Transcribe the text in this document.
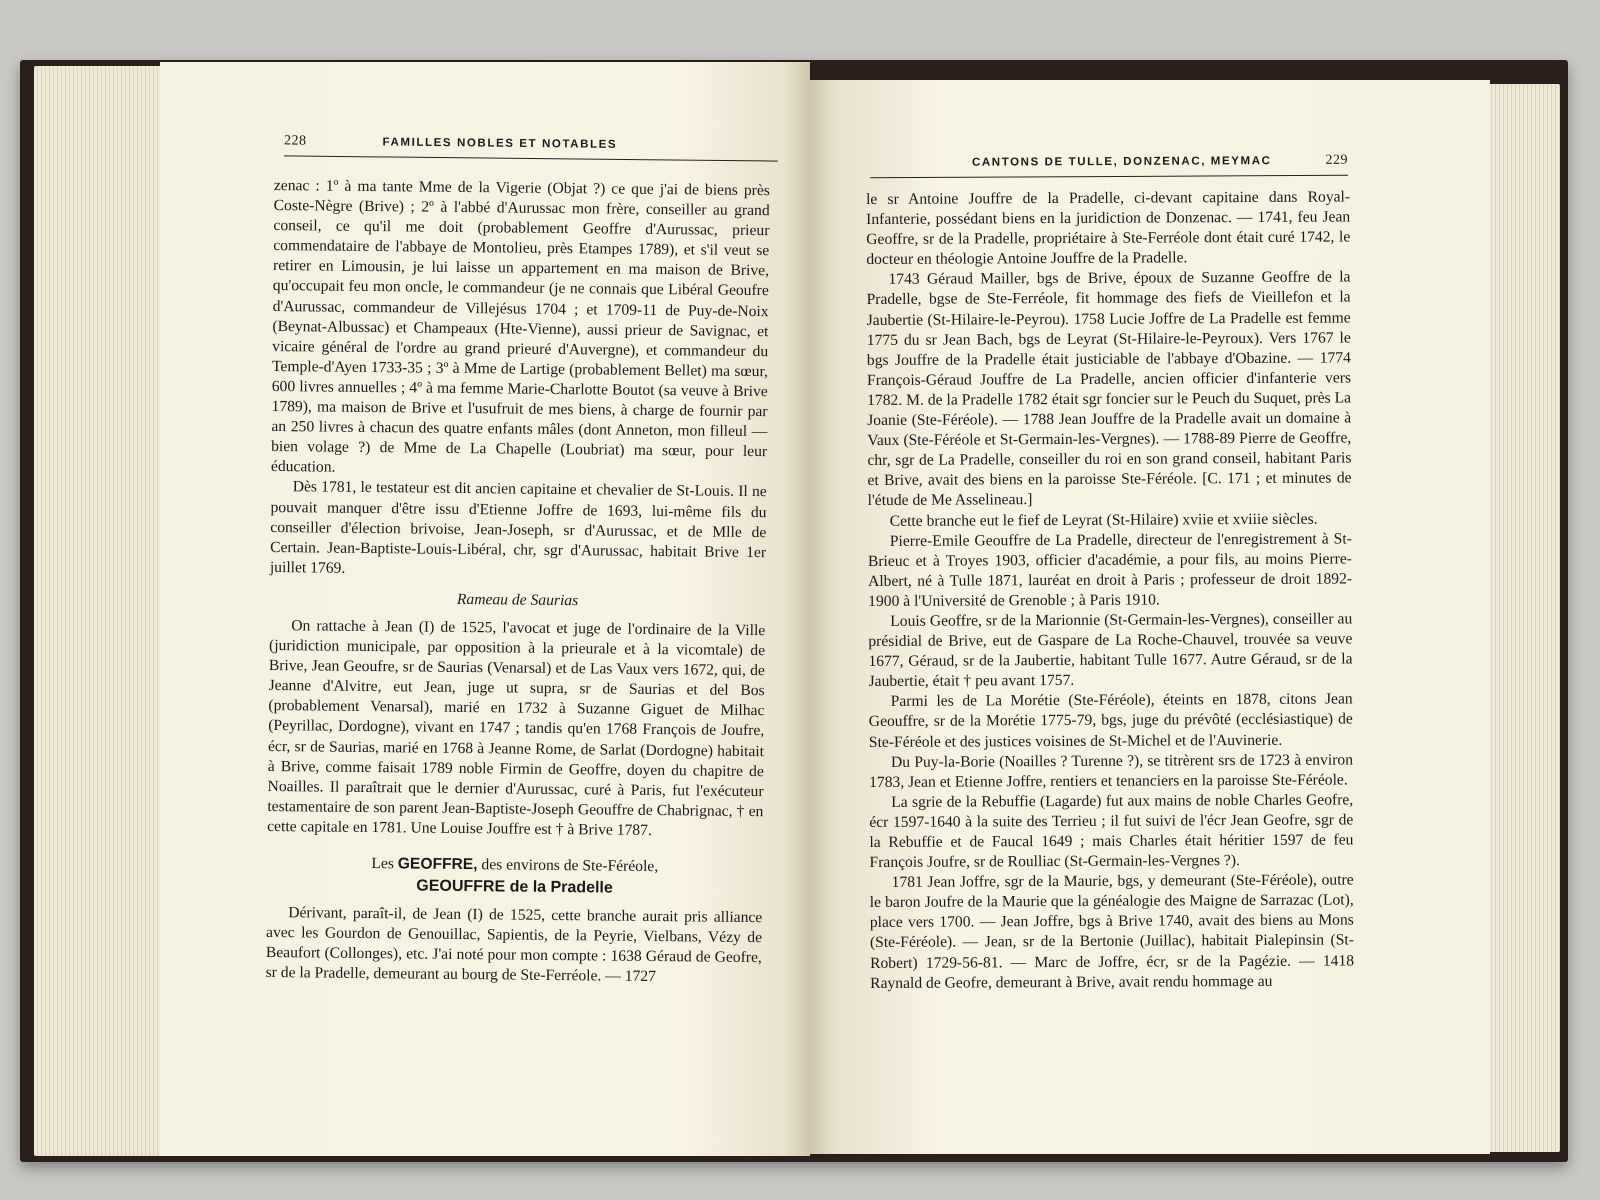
228	FAMILLES NOBLES ET NOTABLES

zenac : 1º à ma tante Mme de la Vigerie (Objat ?) ce que j'ai de biens près Coste-Nègre (Brive) ; 2º à l'abbé d'Aurussac mon frère, conseiller au grand conseil, ce qu'il me doit (probablement Geoffre d'Aurussac, prieur commendataire de l'abbaye de Montolieu, près Etampes 1789), et s'il veut se retirer en Limousin, je lui laisse un appartement en ma maison de Brive, qu'occupait feu mon oncle, le commandeur (je ne connais que Libéral Geoufre d'Aurussac, commandeur de Villejésus 1704 ; et 1709-11 de Puy-de-Noix (Beynat-Albussac) et Champeaux (Hte-Vienne), aussi prieur de Savignac, et vicaire général de l'ordre au grand prieuré d'Auvergne), et commandeur du Temple-d'Ayen 1733-35 ; 3º à Mme de Lartige (probablement Bellet) ma sœur, 600 livres annuelles ; 4º à ma femme Marie-Charlotte Boutot (sa veuve à Brive 1789), ma maison de Brive et l'usufruit de mes biens, à charge de fournir par an 250 livres à chacun des quatre enfants mâles (dont Anneton, mon filleul — bien volage ?) de Mme de La Chapelle (Loubriat) ma sœur, pour leur éducation.

Dès 1781, le testateur est dit ancien capitaine et chevalier de St-Louis. Il ne pouvait manquer d'être issu d'Etienne Joffre de 1693, lui-même fils du conseiller d'élection brivoise, Jean-Joseph, sr d'Aurussac, et de Mlle de Certain. Jean-Baptiste-Louis-Libéral, chr, sgr d'Aurussac, habitait Brive 1er juillet 1769.

Rameau de Saurias

On rattache à Jean (I) de 1525, l'avocat et juge de l'ordinaire de la Ville (juridiction municipale, par opposition à la prieurale et à la vicomtale) de Brive, Jean Geoufre, sr de Saurias (Venarsal) et de Las Vaux vers 1672, qui, de Jeanne d'Alvitre, eut Jean, juge ut supra, sr de Saurias et del Bos (probablement Venarsal), marié en 1732 à Suzanne Giguet de Milhac (Peyrillac, Dordogne), vivant en 1747 ; tandis qu'en 1768 François de Joufre, écr, sr de Saurias, marié en 1768 à Jeanne Rome, de Sarlat (Dordogne) habitait à Brive, comme faisait 1789 noble Firmin de Geoffre, doyen du chapitre de Noailles. Il paraîtrait que le dernier d'Aurussac, curé à Paris, fut l'exécuteur testamentaire de son parent Jean-Baptiste-Joseph Geouffre de Chabrignac, † en cette capitale en 1781. Une Louise Jouffre est † à Brive 1787.

Les GEOFFRE, des environs de Ste-Féréole,

GEOUFFRE de la Pradelle

Dérivant, paraît-il, de Jean (I) de 1525, cette branche aurait pris alliance avec les Gourdon de Genouillac, Sapientis, de la Peyrie, Vielbans, Vézy de Beaufort (Collonges), etc. J'ai noté pour mon compte : 1638 Géraud de Geofre, sr de la Pradelle, demeurant au bourg de Ste-Ferréole. — 1727

CANTONS DE TULLE, DONZENAC, MEYMAC	229

le sr Antoine Jouffre de la Pradelle, ci-devant capitaine dans Royal-Infanterie, possédant biens en la juridiction de Donzenac. — 1741, feu Jean Geoffre, sr de la Pradelle, propriétaire à Ste-Ferréole dont était curé 1742, le docteur en théologie Antoine Jouffre de la Pradelle.

1743 Géraud Mailler, bgs de Brive, époux de Suzanne Geoffre de la Pradelle, bgse de Ste-Ferréole, fit hommage des fiefs de Vieillefon et la Jaubertie (St-Hilaire-le-Peyrou). 1758 Lucie Joffre de La Pradelle est femme 1775 du sr Jean Bach, bgs de Leyrat (St-Hilaire-le-Peyroux). Vers 1767 le bgs Jouffre de la Pradelle était justiciable de l'abbaye d'Obazine. — 1774 François-Géraud Jouffre de La Pradelle, ancien officier d'infanterie vers 1782. M. de la Pradelle 1782 était sgr foncier sur le Peuch du Suquet, près La Joanie (Ste-Féréole). — 1788 Jean Jouffre de la Pradelle avait un domaine à Vaux (Ste-Féréole et St-Germain-les-Vergnes). — 1788-89 Pierre de Geoffre, chr, sgr de La Pradelle, conseiller du roi en son grand conseil, habitant Paris et Brive, avait des biens en la paroisse Ste-Féréole. [C. 171 ; et minutes de l'étude de Me Asselineau.]

Cette branche eut le fief de Leyrat (St-Hilaire) xviie et xviiie siècles.

Pierre-Emile Geouffre de La Pradelle, directeur de l'enregistrement à St-Brieuc et à Troyes 1903, officier d'académie, a pour fils, au moins Pierre-Albert, né à Tulle 1871, lauréat en droit à Paris ; professeur de droit 1892-1900 à l'Université de Grenoble ; à Paris 1910.

Louis Geoffre, sr de la Marionnie (St-Germain-les-Vergnes), conseiller au présidial de Brive, eut de Gaspare de La Roche-Chauvel, trouvée sa veuve 1677, Géraud, sr de la Jaubertie, habitant Tulle 1677. Autre Géraud, sr de la Jaubertie, était † peu avant 1757.

Parmi les de La Morétie (Ste-Féréole), éteints en 1878, citons Jean Geouffre, sr de la Morétie 1775-79, bgs, juge du prévôté (ecclésiastique) de Ste-Féréole et des justices voisines de St-Michel et de l'Auvinerie.

Du Puy-la-Borie (Noailles ? Turenne ?), se titrèrent srs de 1723 à environ 1783, Jean et Etienne Joffre, rentiers et tenanciers en la paroisse Ste-Féréole.

La sgrie de la Rebuffie (Lagarde) fut aux mains de noble Charles Geofre, écr 1597-1640 à la suite des Terrieu ; il fut suivi de l'écr Jean Geofre, sgr de la Rebuffie et de Faucal 1649 ; mais Charles était héritier 1597 de feu François Joufre, sr de Roulliac (St-Germain-les-Vergnes ?).

1781 Jean Joffre, sgr de la Maurie, bgs, y demeurant (Ste-Féréole), outre le baron Joufre de la Maurie que la généalogie des Maigne de Sarrazac (Lot), place vers 1700. — Jean Joffre, bgs à Brive 1740, avait des biens au Mons (Ste-Féréole). — Jean, sr de la Bertonie (Juillac), habitait Pialepinsin (St-Robert) 1729-56-81. — Marc de Joffre, écr, sr de la Pagézie. — 1418 Raynald de Geofre, demeurant à Brive, avait rendu hommage au
